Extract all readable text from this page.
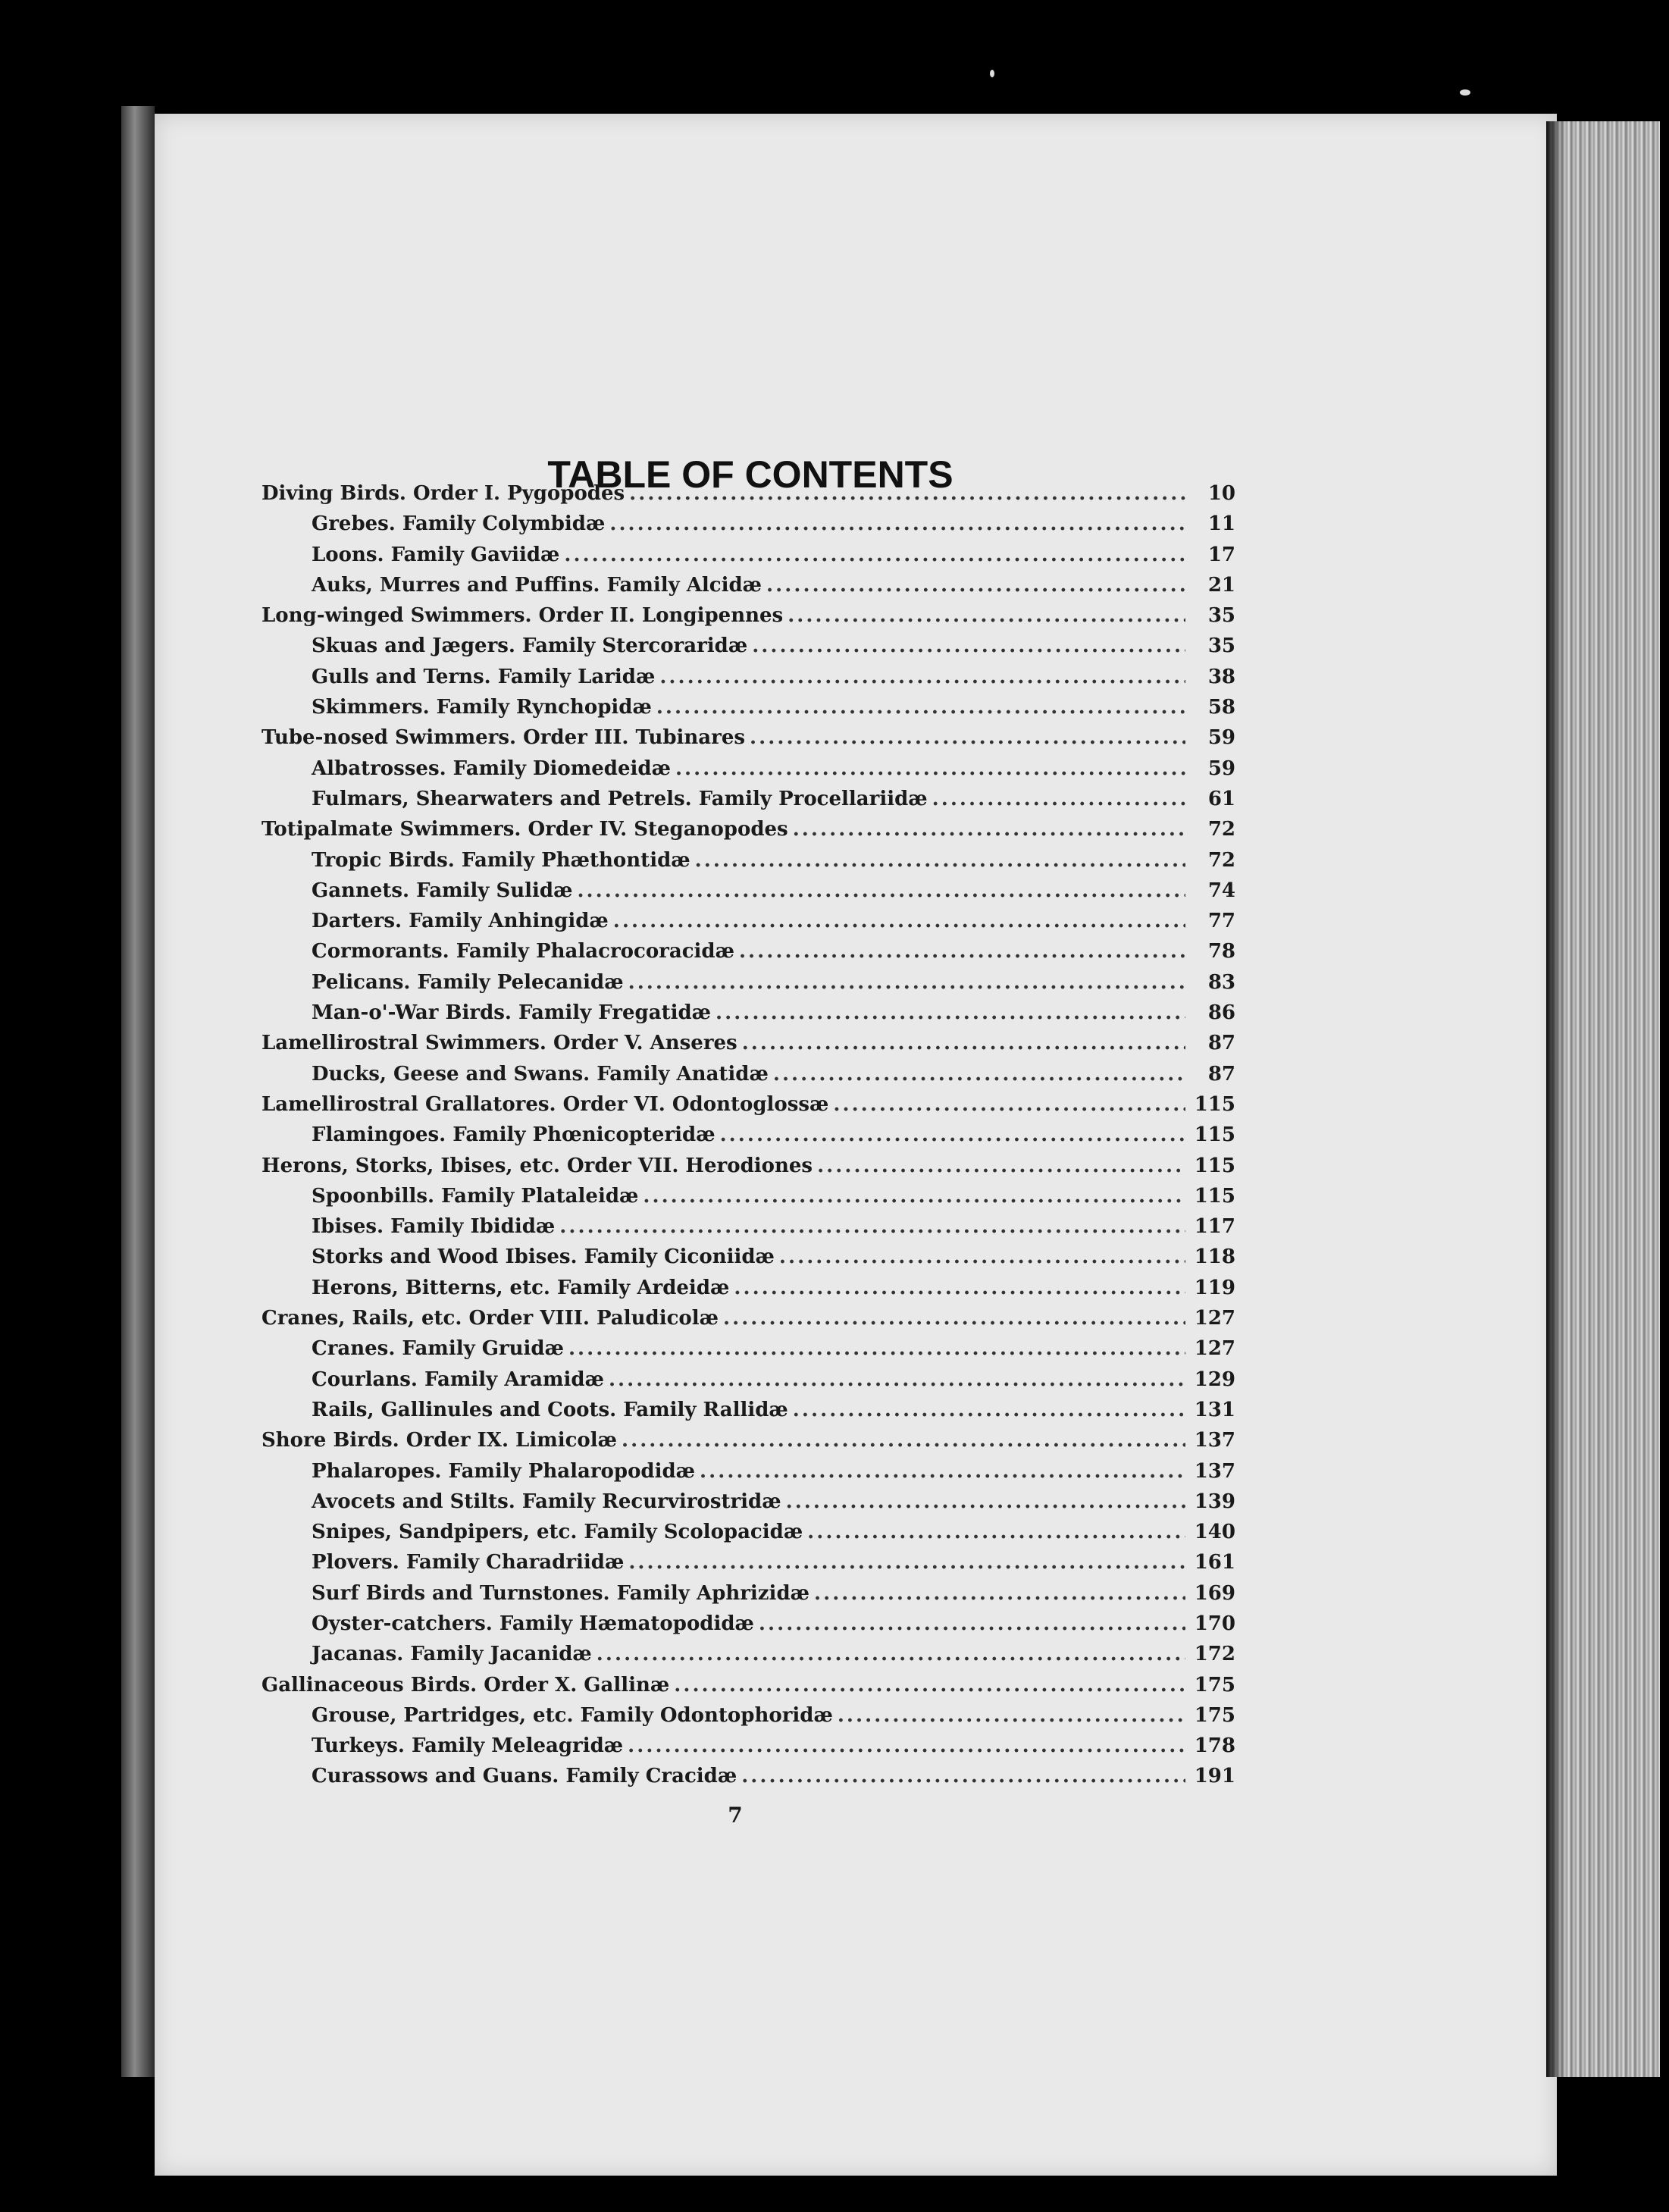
TABLE OF CONTENTS
Diving Birds. Order I. Pygopodes . . .	10
Grebes. Family Colymbidæ . . .	11
Loons. Family Gaviidæ . . .	17
Auks, Murres and Puffins. Family Alcidæ . . .	21
Long-winged Swimmers. Order II. Longipennes . . .	35
Skuas and Jægers. Family Stercoraridæ . . .	35
Gulls and Terns. Family Laridæ . . .	38
Skimmers. Family Rynchopidæ . . .	58
Tube-nosed Swimmers. Order III. Tubinares . . .	59
Albatrosses. Family Diomedeidæ . . .	59
Fulmars, Shearwaters and Petrels. Family Procellariidæ . . .	61
Totipalmate Swimmers. Order IV. Steganopodes . . .	72
Tropic Birds. Family Phæthontidæ . . .	72
Gannets. Family Sulidæ . . .	74
Darters. Family Anhingidæ . . .	77
Cormorants. Family Phalacrocoracidæ . . .	78
Pelicans. Family Pelecanidæ . . .	83
Man-o'-War Birds. Family Fregatidæ . . .	86
Lamellirostral Swimmers. Order V. Anseres . . .	87
Ducks, Geese and Swans. Family Anatidæ . . .	87
Lamellirostral Grallatores. Order VI. Odontoglossæ . . .	115
Flamingoes. Family Phœnicopteridæ . . .	115
Herons, Storks, Ibises, etc. Order VII. Herodiones . . .	115
Spoonbills. Family Plataleidæ . . .	115
Ibises. Family Ibididæ . . .	117
Storks and Wood Ibises. Family Ciconiidæ . . .	118
Herons, Bitterns, etc. Family Ardeidæ . . .	119
Cranes, Rails, etc. Order VIII. Paludicolæ . . .	127
Cranes. Family Gruidæ . . .	127
Courlans. Family Aramidæ . . .	129
Rails, Gallinules and Coots. Family Rallidæ . . .	131
Shore Birds. Order IX. Limicolæ . . .	137
Phalaropes. Family Phalaropodidæ . . .	137
Avocets and Stilts. Family Recurvirostridæ . . .	139
Snipes, Sandpipers, etc. Family Scolopacidæ . . .	140
Plovers. Family Charadriidæ . . .	161
Surf Birds and Turnstones. Family Aphrizidæ . . .	169
Oyster-catchers. Family Hæmatopodidæ . . .	170
Jacanas. Family Jacanidæ . . .	172
Gallinaceous Birds. Order X. Gallinæ . . .	175
Grouse, Partridges, etc. Family Odontophoridæ . . .	175
Turkeys. Family Meleagridæ . . .	178
Curassows and Guans. Family Cracidæ . . .	191
7
